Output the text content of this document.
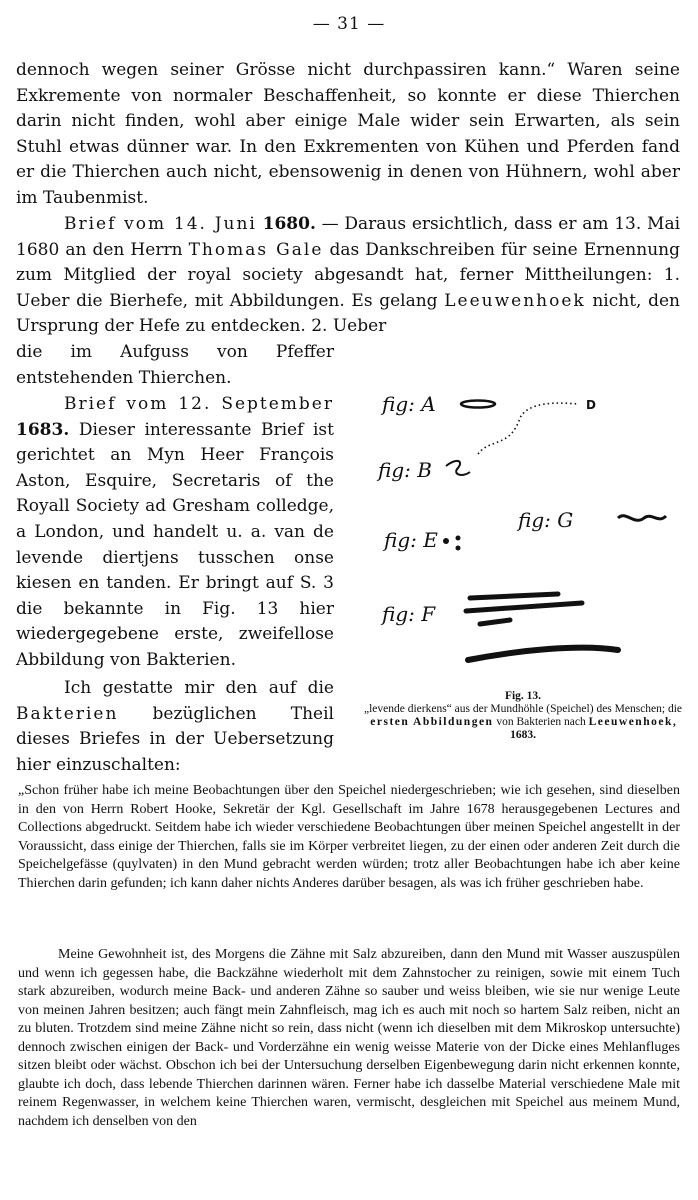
— 31 —

dennoch wegen seiner Grösse nicht durchpassiren kann.“ Waren seine Exkremente von normaler Beschaffenheit, so konnte er diese Thierchen darin nicht finden, wohl aber einige Male wider sein Erwarten, als sein Stuhl etwas dünner war. In den Exkrementen von Kühen und Pferden fand er die Thierchen auch nicht, ebensowenig in denen von Hühnern, wohl aber im Taubenmist.

Brief vom 14. Juni 1680. — Daraus ersichtlich, dass er am 13. Mai 1680 an den Herrn Thomas Gale das Dankschreiben für seine Ernennung zum Mitglied der royal society abgesandt hat, ferner Mittheilungen: 1. Ueber die Bierhefe, mit Abbildungen. Es gelang Leeuwenhoek nicht, den Ursprung der Hefe zu entdecken. 2. Ueber

die im Aufguss von Pfeffer entstehenden Thierchen.

Brief vom 12. September 1683. Dieser interessante Brief ist gerichtet an Myn Heer François Aston, Esquire, Secretaris of the Royall Society ad Gresham colledge, a London, und handelt u. a. van de levende diertjens tusschen onse kiesen en tanden. Er bringt auf S. 3 die bekannte in Fig. 13 hier wiedergegebene erste, zweifellose Abbildung von Bakterien.

Ich gestatte mir den auf die Bakterien bezüglichen Theil dieses Briefes in der Uebersetzung hier einzuschalten:

fig: A	D
fig: B
fig: G
fig: E
fig: F
Fig. 13.
„levende dierkens“ aus der Mundhöhle (Speichel) des Menschen; die ersten Abbildungen von Bakterien nach Leeuwenhoek, 1683.

„Schon früher habe ich meine Beobachtungen über den Speichel niedergeschrieben; wie ich gesehen, sind dieselben in den von Herrn Robert Hooke, Sekretär der Kgl. Gesellschaft im Jahre 1678 herausgegebenen Lectures and Collections abgedruckt. Seitdem habe ich wieder verschiedene Beobachtungen über meinen Speichel angestellt in der Voraussicht, dass einige der Thierchen, falls sie im Körper verbreitet liegen, zu der einen oder anderen Zeit durch die Speichelgefässe (quylvaten) in den Mund gebracht werden würden; trotz aller Beobachtungen habe ich aber keine Thierchen darin gefunden; ich kann daher nichts Anderes darüber besagen, als was ich früher geschrieben habe.

Meine Gewohnheit ist, des Morgens die Zähne mit Salz abzureiben, dann den Mund mit Wasser auszuspülen und wenn ich gegessen habe, die Backzähne wiederholt mit dem Zahnstocher zu reinigen, sowie mit einem Tuch stark abzureiben, wodurch meine Back- und anderen Zähne so sauber und weiss bleiben, wie sie nur wenige Leute von meinen Jahren besitzen; auch fängt mein Zahnfleisch, mag ich es auch mit noch so hartem Salz reiben, nicht an zu bluten. Trotzdem sind meine Zähne nicht so rein, dass nicht (wenn ich dieselben mit dem Mikroskop untersuchte) dennoch zwischen einigen der Back- und Vorderzähne ein wenig weisse Materie von der Dicke eines Mehlanfluges sitzen bleibt oder wächst. Obschon ich bei der Untersuchung derselben Eigenbewegung darin nicht erkennen konnte, glaubte ich doch, dass lebende Thierchen darinnen wären. Ferner habe ich dasselbe Material verschiedene Male mit reinem Regenwasser, in welchem keine Thierchen waren, vermischt, desgleichen mit Speichel aus meinem Mund, nachdem ich denselben von den
